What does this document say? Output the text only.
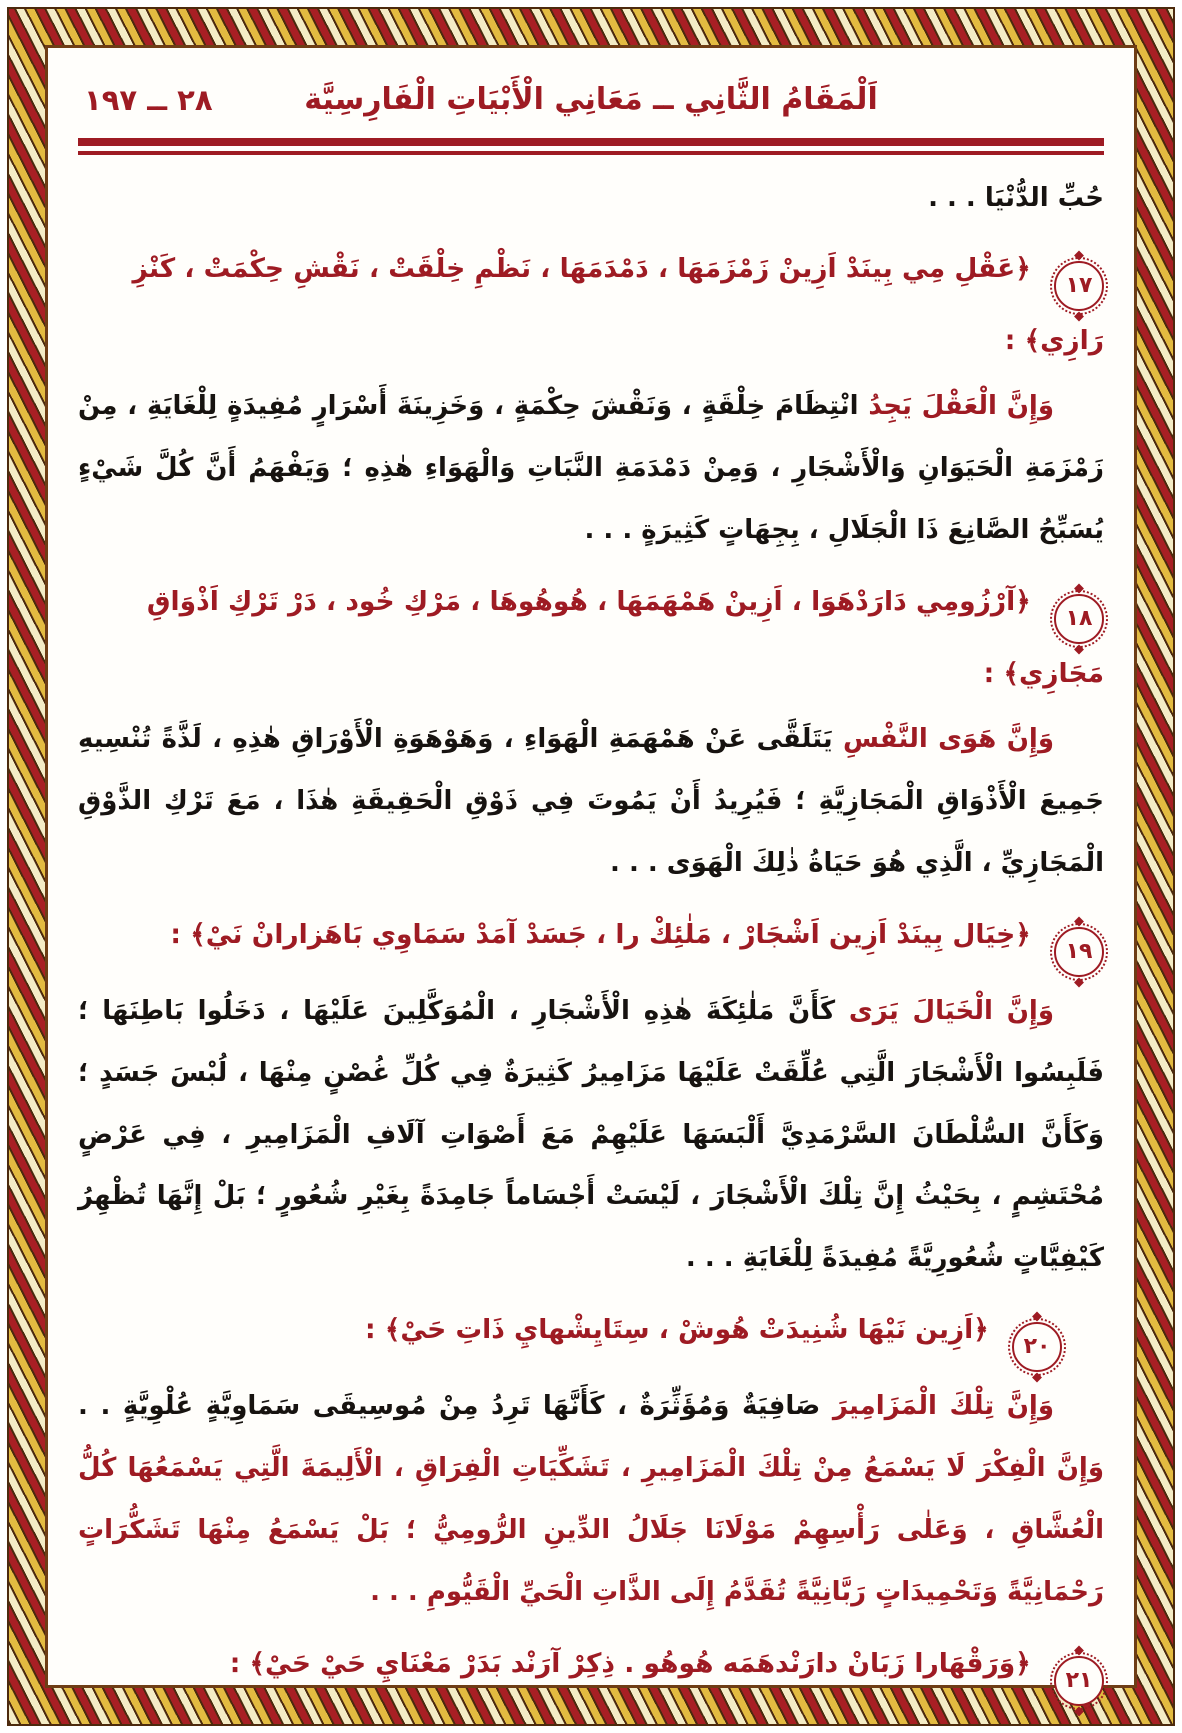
٢٨ ــ ١٩٧	اَلْمَقَامُ الثَّانِي ــ مَعَانِي الْأَبْيَاتِ الْفَارِسِيَّة

حُبِّ الدُّنْيَا . . .

١٧
﴿عَقْلِ مِي بِينَدْ اَزِينْ زَمْزَمَهَا ، دَمْدَمَهَا ، نَظْمِ خِلْقَتْ ، نَقْشِ حِكْمَتْ ، كَنْزِ رَازِي﴾ :

وَإِنَّ الْعَقْلَ يَجِدُ انْتِظَامَ خِلْقَةٍ ، وَنَقْشَ حِكْمَةٍ ، وَخَزِينَةَ أَسْرَارٍ مُفِيدَةٍ لِلْغَايَةِ ، مِنْ زَمْزَمَةِ الْحَيَوَانِ وَالْأَشْجَارِ ، وَمِنْ دَمْدَمَةِ النَّبَاتِ وَالْهَوَاءِ هٰذِهِ ؛ وَيَفْهَمُ أَنَّ كُلَّ شَيْءٍ يُسَبِّحُ الصَّانِعَ ذَا الْجَلَالِ ، بِجِهَاتٍ كَثِيرَةٍ . . .

١٨
﴿آرْزُومِي دَارَدْهَوَا ، اَزِينْ هَمْهَمَهَا ، هُوهُوهَا ، مَرْكِ خُود ، دَرْ تَرْكِ اَذْوَاقِ مَجَازِي﴾ :

وَإِنَّ هَوَى النَّفْسِ يَتَلَقَّى عَنْ هَمْهَمَةِ الْهَوَاءِ ، وَهَوْهَوَةِ الْأَوْرَاقِ هٰذِهِ ، لَذَّةً تُنْسِيهِ جَمِيعَ الْأَذْوَاقِ الْمَجَازِيَّةِ ؛ فَيُرِيدُ أَنْ يَمُوتَ فِي ذَوْقِ الْحَقِيقَةِ هٰذَا ، مَعَ تَرْكِ الذَّوْقِ الْمَجَازِيِّ ، الَّذِي هُوَ حَيَاةُ ذٰلِكَ الْهَوَى . . .

١٩
﴿خِيَال بِينَدْ اَزِين اَشْجَارْ ، مَلٰئِكْ را ، جَسَدْ آمَدْ سَمَاوِي بَاهَزارانْ نَيْ﴾ :

وَإِنَّ الْخَيَالَ يَرَى كَأَنَّ مَلٰئِكَةَ هٰذِهِ الْأَشْجَارِ ، الْمُوَكَّلِينَ عَلَيْهَا ، دَخَلُوا بَاطِنَهَا ؛ فَلَبِسُوا الْأَشْجَارَ الَّتِي عُلِّقَتْ عَلَيْهَا مَزَامِيرُ كَثِيرَةٌ فِي كُلِّ غُصْنٍ مِنْهَا ، لُبْسَ جَسَدٍ ؛ وَكَأَنَّ السُّلْطَانَ السَّرْمَدِيَّ أَلْبَسَهَا عَلَيْهِمْ مَعَ أَصْوَاتِ آلَافِ الْمَزَامِيرِ ، فِي عَرْضٍ مُحْتَشِمٍ ، بِحَيْثُ إِنَّ تِلْكَ الْأَشْجَارَ ، لَيْسَتْ أَجْسَاماً جَامِدَةً بِغَيْرِ شُعُورٍ ؛ بَلْ إِنَّهَا تُظْهِرُ كَيْفِيَّاتٍ شُعُورِيَّةً مُفِيدَةً لِلْغَايَةِ . . .

٢٠
﴿اَزِين نَيْهَا شُنِيدَتْ هُوشْ ، سِتَايِشْهايِ ذَاتِ حَيْ﴾ :

وَإِنَّ تِلْكَ الْمَزَامِيرَ صَافِيَةٌ وَمُؤَثِّرَةٌ ، كَأَنَّهَا تَرِدُ مِنْ مُوسِيقَى سَمَاوِيَّةٍ عُلْوِيَّةٍ . . وَإِنَّ الْفِكْرَ لَا يَسْمَعُ مِنْ تِلْكَ الْمَزَامِيرِ ، تَشَكِّيَاتِ الْفِرَاقِ ، الْأَلِيمَةَ الَّتِي يَسْمَعُهَا كُلُّ الْعُشَّاقِ ، وَعَلٰى رَأْسِهِمْ مَوْلَانَا جَلَالُ الدِّينِ الرُّومِيُّ ؛ بَلْ يَسْمَعُ مِنْهَا تَشَكُّرَاتٍ رَحْمَانِيَّةً وَتَحْمِيدَاتٍ رَبَّانِيَّةً تُقَدَّمُ إِلَى الذَّاتِ الْحَيِّ الْقَيُّومِ . . .

٢١
﴿وَرَقْهَارا زَبَانْ دارَنْدهَمَه هُوهُو . ذِكِرْ آرَنْد بَدَرْ مَعْنَايِ حَيْ حَيْ﴾ :
